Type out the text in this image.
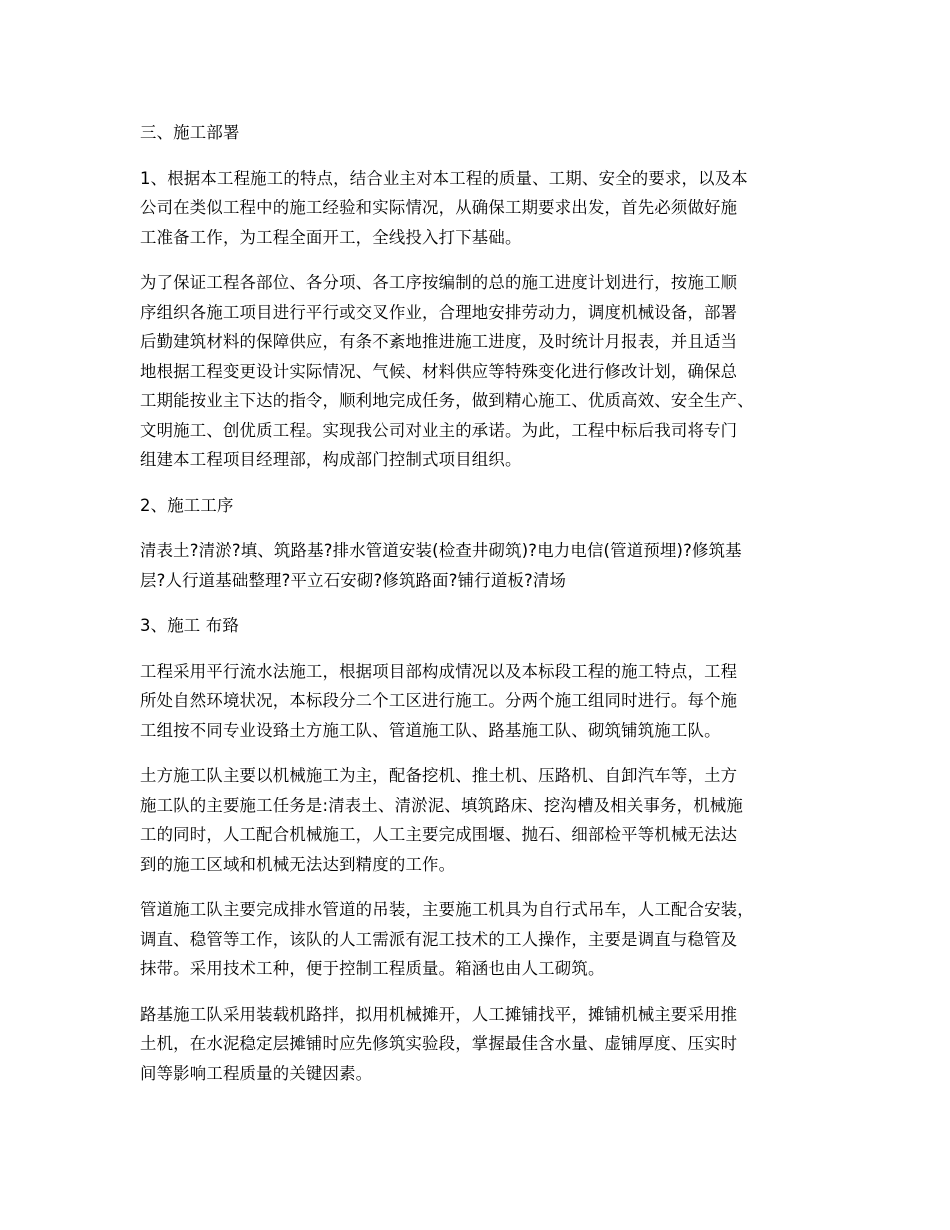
三、施工部署
1、根据本工程施工的特点，结合业主对本工程的质量、工期、安全的要求，以及本
公司在类似工程中的施工经验和实际情况，从确保工期要求出发，首先必须做好施
工准备工作，为工程全面开工，全线投入打下基础。
为了保证工程各部位、各分项、各工序按编制的总的施工进度计划进行，按施工顺
序组织各施工项目进行平行或交叉作业，合理地安排劳动力，调度机械设备，部署
后勤建筑材料的保障供应，有条不紊地推进施工进度，及时统计月报表，并且适当
地根据工程变更设计实际情况、气候、材料供应等特殊变化进行修改计划，确保总
工期能按业主下达的指令，顺利地完成任务，做到精心施工、优质高效、安全生产、
文明施工、创优质工程。实现我公司对业主的承诺。为此，工程中标后我司将专门
组建本工程项目经理部，构成部门控制式项目组织。
2、施工工序
清表土?清淤?填、筑路基?排水管道安装(检查井砌筑)?电力电信(管道预埋)?修筑基
层?人行道基础整理?平立石安砌?修筑路面?铺行道板?清场
3、施工 布臵
工程采用平行流水法施工，根据项目部构成情况以及本标段工程的施工特点，工程
所处自然环境状况，本标段分二个工区进行施工。分两个施工组同时进行。每个施
工组按不同专业设臵土方施工队、管道施工队、路基施工队、砌筑铺筑施工队。
土方施工队主要以机械施工为主，配备挖机、推土机、压路机、自卸汽车等，土方
施工队的主要施工任务是:清表土、清淤泥、填筑路床、挖沟槽及相关事务，机械施
工的同时，人工配合机械施工，人工主要完成围堰、抛石、细部检平等机械无法达
到的施工区域和机械无法达到精度的工作。
管道施工队主要完成排水管道的吊装，主要施工机具为自行式吊车，人工配合安装，
调直、稳管等工作，该队的人工需派有泥工技术的工人操作，主要是调直与稳管及
抹带。采用技术工种，便于控制工程质量。箱涵也由人工砌筑。
路基施工队采用装载机路拌，拟用机械摊开，人工摊铺找平，摊铺机械主要采用推
土机，在水泥稳定层摊铺时应先修筑实验段，掌握最佳含水量、虚铺厚度、压实时
间等影响工程质量的关键因素。
